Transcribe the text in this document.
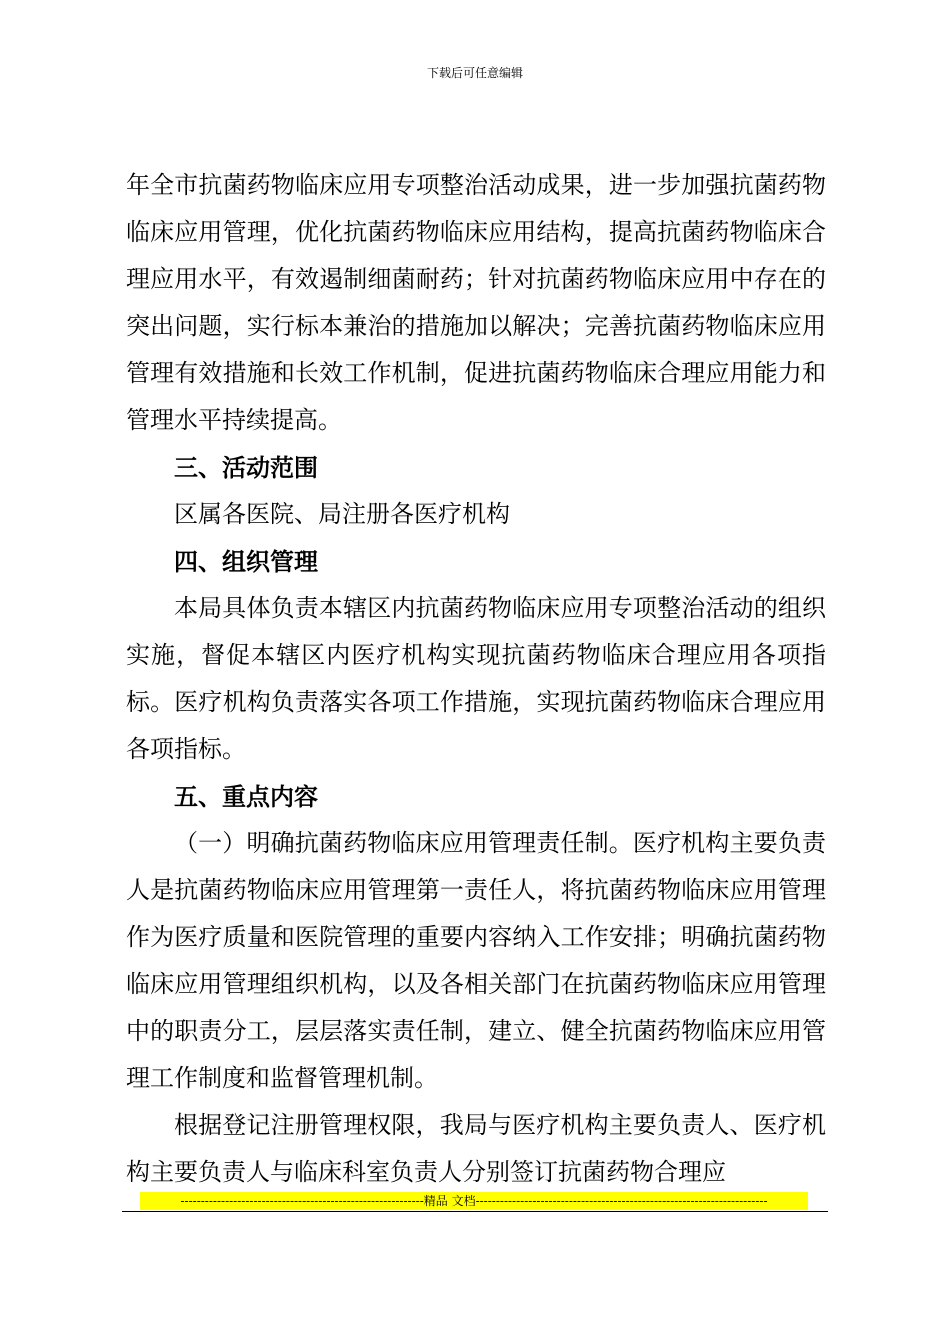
下载后可任意编辑

年全市抗菌药物临床应用专项整治活动成果，进一步加强抗菌药物临床应用管理，优化抗菌药物临床应用结构，提高抗菌药物临床合理应用水平，有效遏制细菌耐药；针对抗菌药物临床应用中存在的突出问题，实行标本兼治的措施加以解决；完善抗菌药物临床应用管理有效措施和长效工作机制，促进抗菌药物临床合理应用能力和管理水平持续提高。

三、活动范围

区属各医院、局注册各医疗机构

四、组织管理

本局具体负责本辖区内抗菌药物临床应用专项整治活动的组织实施，督促本辖区内医疗机构实现抗菌药物临床合理应用各项指标。医疗机构负责落实各项工作措施，实现抗菌药物临床合理应用各项指标。

五、重点内容

（一）明确抗菌药物临床应用管理责任制。医疗机构主要负责人是抗菌药物临床应用管理第一责任人，将抗菌药物临床应用管理作为医疗质量和医院管理的重要内容纳入工作安排；明确抗菌药物临床应用管理组织机构，以及各相关部门在抗菌药物临床应用管理中的职责分工，层层落实责任制，建立、健全抗菌药物临床应用管理工作制度和监督管理机制。

根据登记注册管理权限，我局与医疗机构主要负责人、医疗机构主要负责人与临床科室负责人分别签订抗菌药物合理应

------------------------------------------------------------精品 文档------------------------------------------------------------------------
